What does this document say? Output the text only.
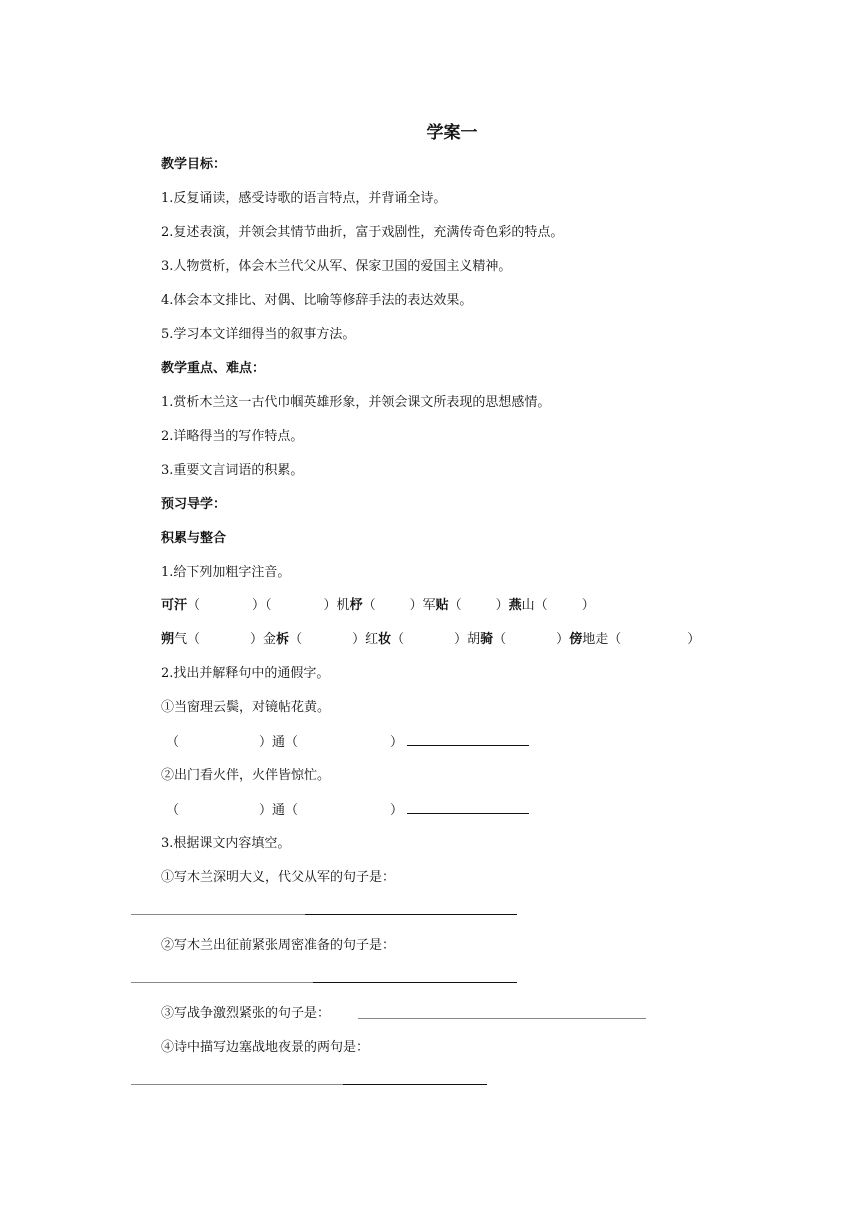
学案一
教学目标：
1.反复诵读，感受诗歌的语言特点，并背诵全诗。
2.复述表演，并领会其情节曲折，富于戏剧性，充满传奇色彩的特点。
3.人物赏析，体会木兰代父从军、保家卫国的爱国主义精神。
4.体会本文排比、对偶、比喻等修辞手法的表达效果。
5.学习本文详细得当的叙事方法。
教学重点、难点：
1.赏析木兰这一古代巾帼英雄形象，并领会课文所表现的思想感情。
2.详略得当的写作特点。
3.重要文言词语的积累。
预习导学：
积累与整合
1.给下列加粗字注音。
可汗（	）（	）机杼（	）军贴（	）燕山（	）
朔气（	）金柝（	）红妆（	）胡骑（	）傍地走（	）
2.找出并解释句中的通假字。
①当窗理云鬓，对镜帖花黄。
（	）通（	）
②出门看火伴，火伴皆惊忙。
（	）通（	）
3.根据课文内容填空。
①写木兰深明大义，代父从军的句子是：
②写木兰出征前紧张周密准备的句子是：
③写战争激烈紧张的句子是：
④诗中描写边塞战地夜景的两句是：
